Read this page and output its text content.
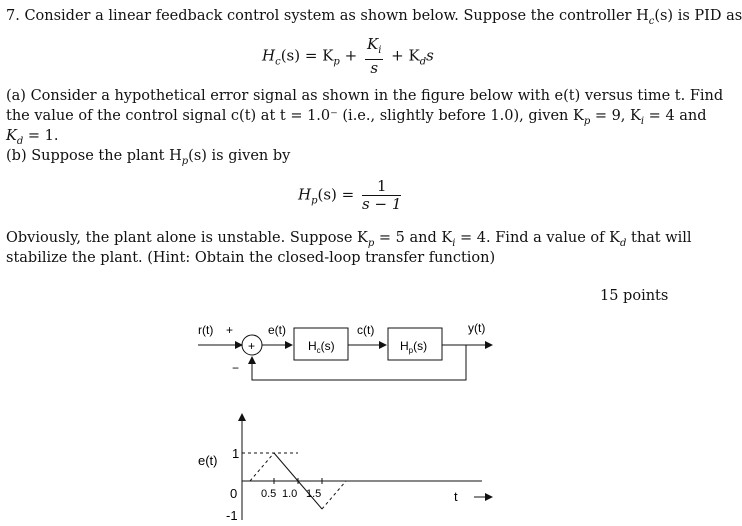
7. Consider a linear feedback control system as shown below. Suppose the controller $H_c(s)$ is PID as
$H_c(s) = K_p + \frac{K_i}{s} + K_ds$
(a) Consider a hypothetical error signal as shown in the figure below with e(t) versus time t. Find
the value of the control signal c(t) at t = 1.0⁻ (i.e., slightly before 1.0), given $K_p = 9$, $K_i = 4$ and
$K_d = 1$.
(b) Suppose the plant $H_p(s)$ is given by
$H_p(s) = \frac{1}{s - 1}$
Obviously, the plant alone is unstable. Suppose $K_p = 5$ and $K_i = 4$. Find a value of $K_d$ that will
stabilize the plant. (Hint: Obtain the closed-loop transfer function)
15 points
r(t) +
+
−
e(t)
$H_c(s)$
c(t)
$H_p(s)$
y(t)
e(t)
t
1
0
-1
0.5 1.0 1.5
